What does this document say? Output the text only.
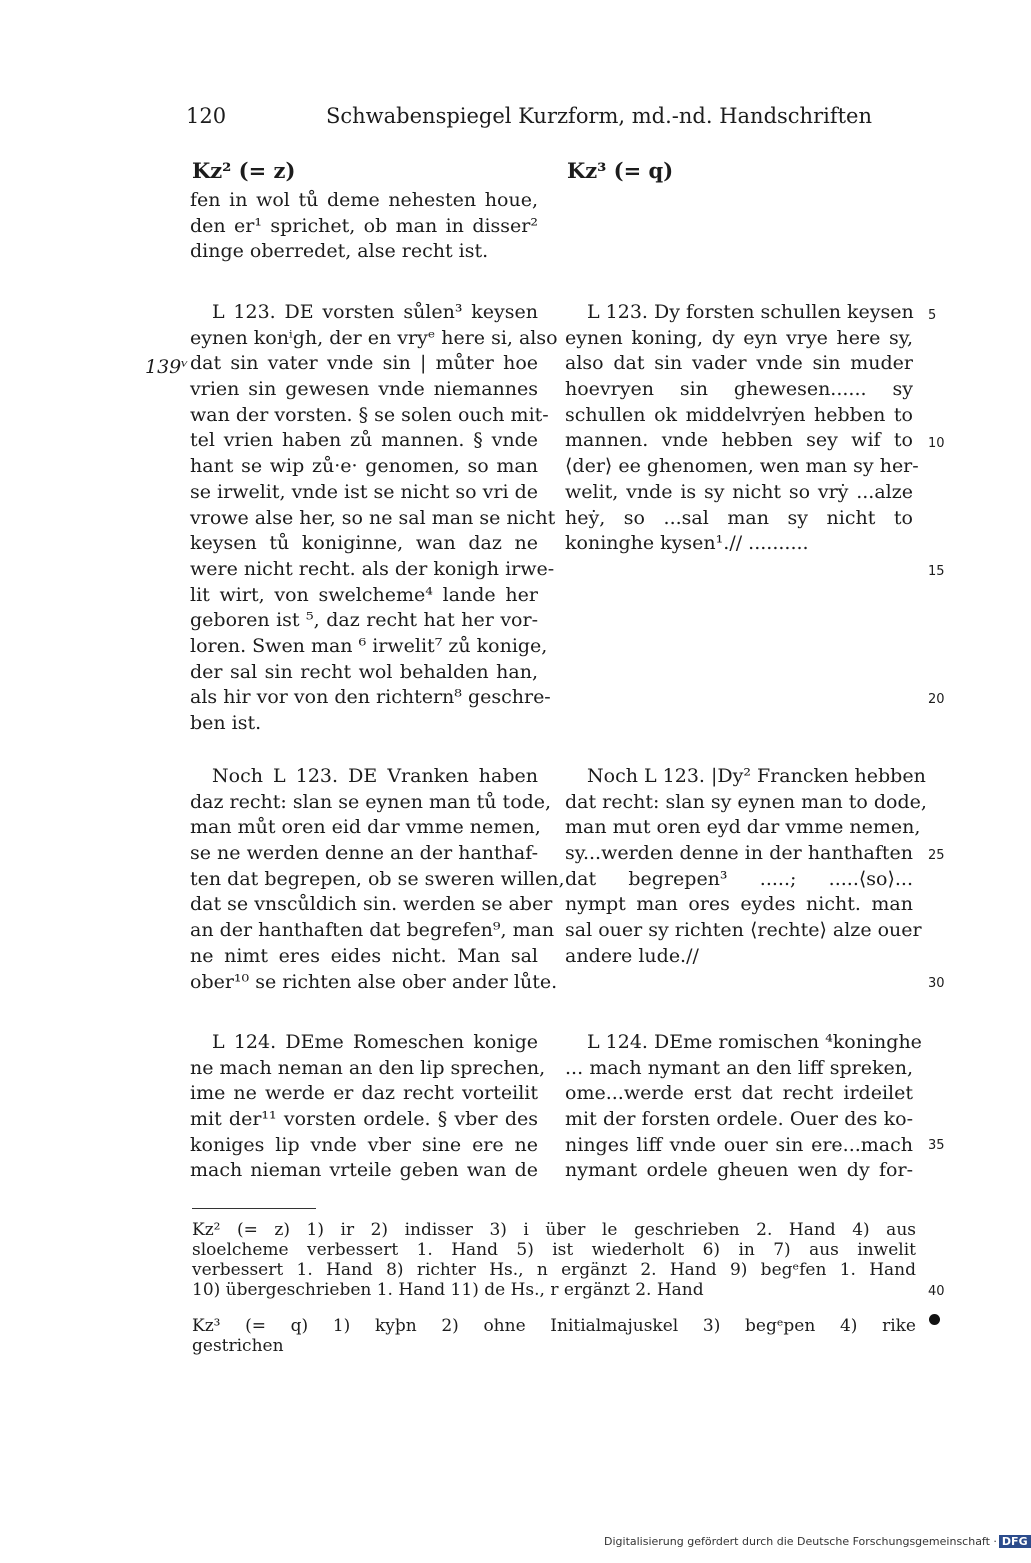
120	Schwabenspiegel Kurzform, md.-nd. Handschriften
Kz² (= z)	Kz³ (= q)
fen in wol tů deme nehesten houe,
den er¹ sprichet, ob man in disser²
dinge oberredet, alse recht ist.
L 123. DE vorsten sůlen³ keysen
eynen konⁱgh, der en vryᵉ here si, also
dat sin vater vnde sin | můter hoe
vrien sin gewesen vnde niemannes
wan der vorsten. § se solen ouch mit-
tel vrien haben zů mannen. § vnde
hant se wip zů·e· genomen, so man
se irwelit, vnde ist se nicht so vri de
vrowe alse her, so ne sal man se nicht
keysen tů koniginne, wan daz ne
were nicht recht. als der konigh irwe-
lit wirt, von swelcheme⁴ lande her
geboren ist ⁵, daz recht hat her vor-
loren. Swen man ⁶ irwelit⁷ zů konige,
der sal sin recht wol behalden han,
als hir vor von den richtern⁸ geschre-
ben ist.
Noch L 123. DE Vranken haben
daz recht: slan se eynen man tů tode,
man můt oren eid dar vmme nemen,
se ne werden denne an der hanthaf-
ten dat begrepen, ob se sweren willen,
dat se vnscůldich sin. werden se aber
an der hanthaften dat begrefen⁹, man
ne nimt eres eides nicht. Man sal
ober¹⁰ se richten alse ober ander lůte.
L 124. DEme Romeschen konige
ne mach neman an den lip sprechen,
ime ne werde er daz recht vorteilit
mit der¹¹ vorsten ordele. § vber des
koniges lip vnde vber sine ere ne
mach nieman vrteile geben wan de
L 123. Dy forsten schullen keysen
eynen koning, dy eyn vrye here sy,
also dat sin vader vnde sin muder
hoevryen sin ghewesen...... sy
schullen ok middelvrẏen hebben to
mannen. vnde hebben sey wif to
⟨der⟩ ee ghenomen, wen man sy her-
welit, vnde is sy nicht so vrẏ ...alze
heẏ, so ...sal man sy nicht to
koninghe kysen¹.// ..........
Noch L 123. |Dy² Francken hebben
dat recht: slan sy eynen man to dode,
man mut oren eyd dar vmme nemen,
sy...werden denne in der hanthaften
dat begrepen³ .....; .....⟨so⟩...
nympt man ores eydes nicht. man
sal ouer sy richten ⟨rechte⟩ alze ouer
andere lude.//
L 124. DEme romischen ⁴koninghe
... mach nymant an den liff spreken,
ome...werde erst dat recht irdeilet
mit der forsten ordele. Ouer des ko-
ninges liff vnde ouer sin ere...mach
nymant ordele gheuen wen dy for-
139ᵛ
5
10
15
20
25
30
35
40
Kz² (= z) 1) ir 2) indisser 3) i über le geschrieben 2. Hand 4) aus
sloelcheme verbessert 1. Hand 5) ist wiederholt 6) in 7) aus inwelit
verbessert 1. Hand 8) richter Hs., n ergänzt 2. Hand 9) begᵉfen 1. Hand
10) übergeschrieben 1. Hand 11) de Hs., r ergänzt 2. Hand
Kz³ (= q) 1) kyþn 2) ohne Initialmajuskel 3) begᵉpen 4) rike
gestrichen
Digitalisierung gefördert durch die Deutsche Forschungsgemeinschaft · DFG
